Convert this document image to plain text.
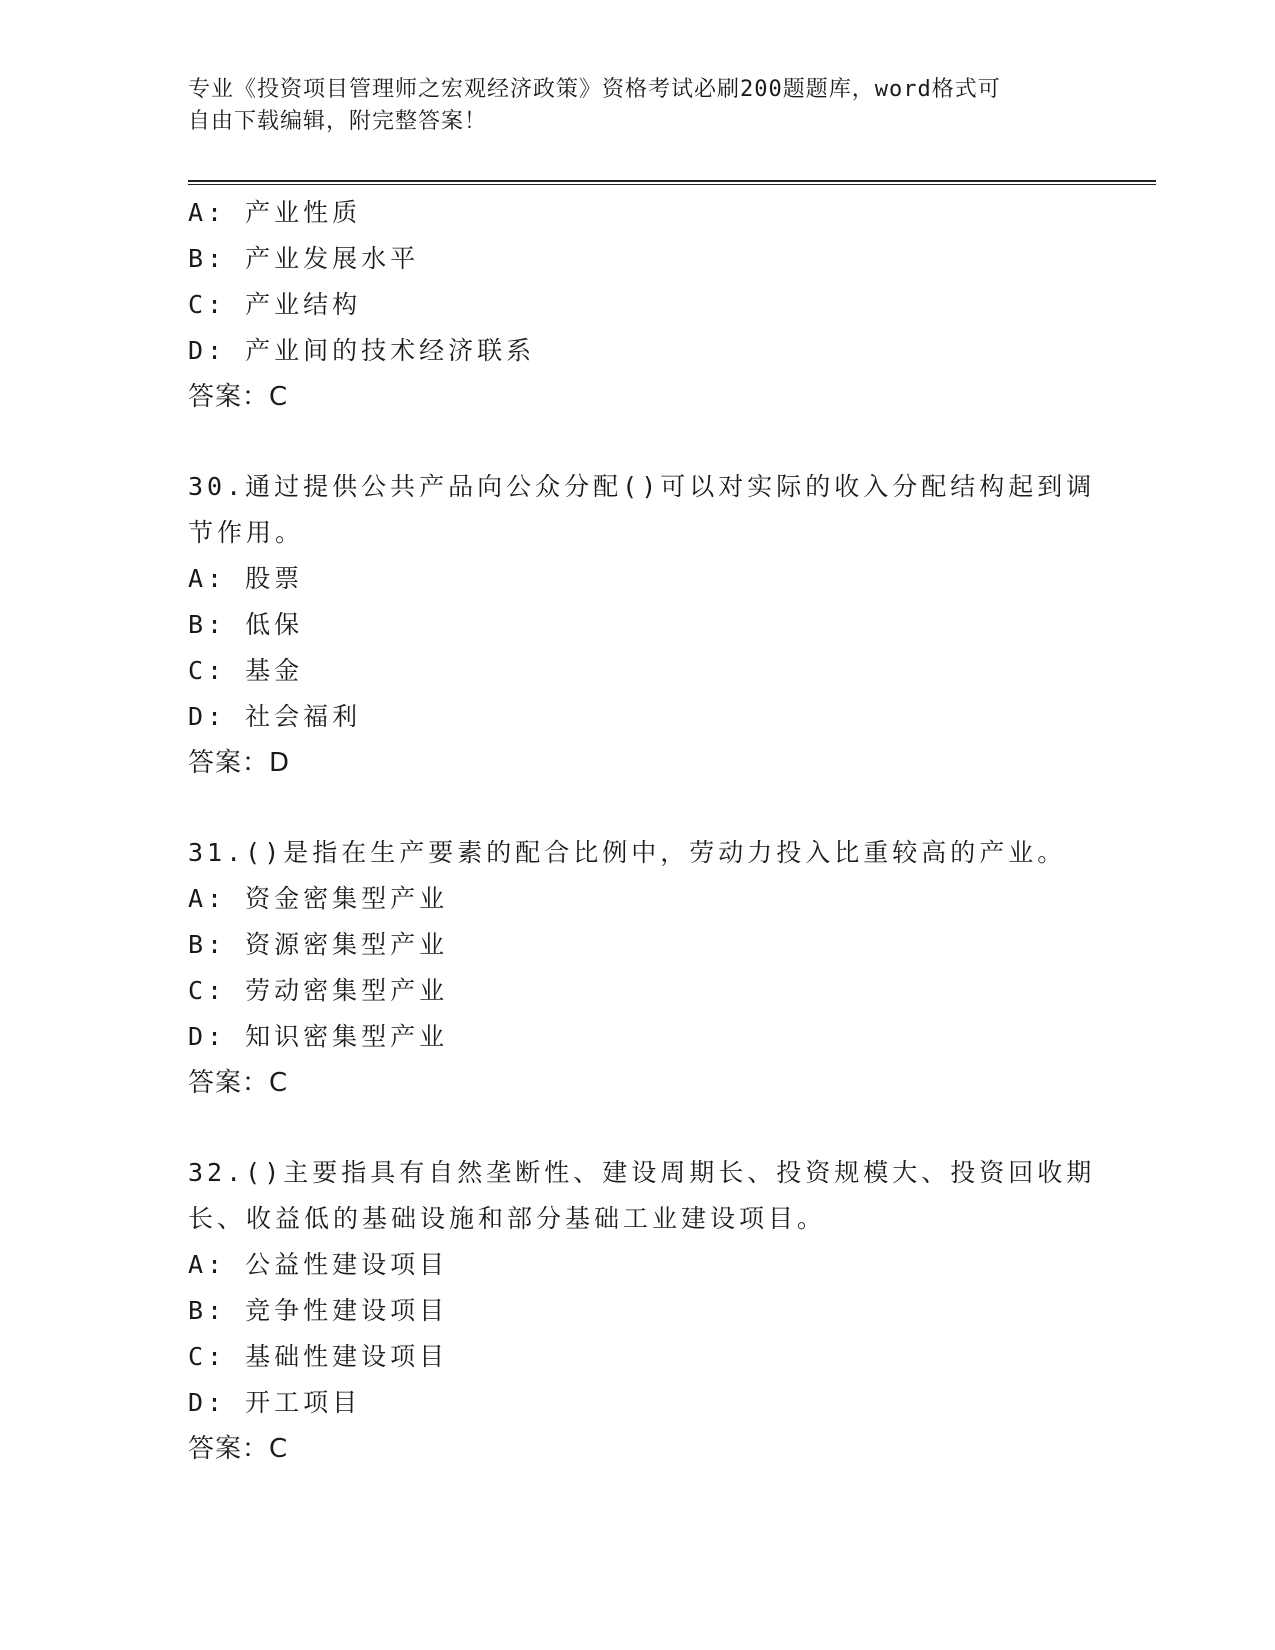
专业《投资项目管理师之宏观经济政策》资格考试必刷200题题库，word格式可
自由下载编辑，附完整答案！
A: 产业性质
B: 产业发展水平
C: 产业结构
D: 产业间的技术经济联系
答案：C
30.通过提供公共产品向公众分配()可以对实际的收入分配结构起到调
节作用。
A: 股票
B: 低保
C: 基金
D: 社会福利
答案：D
31.()是指在生产要素的配合比例中，劳动力投入比重较高的产业。
A: 资金密集型产业
B: 资源密集型产业
C: 劳动密集型产业
D: 知识密集型产业
答案：C
32.()主要指具有自然垄断性、建设周期长、投资规模大、投资回收期
长、收益低的基础设施和部分基础工业建设项目。
A: 公益性建设项目
B: 竞争性建设项目
C: 基础性建设项目
D: 开工项目
答案：C
